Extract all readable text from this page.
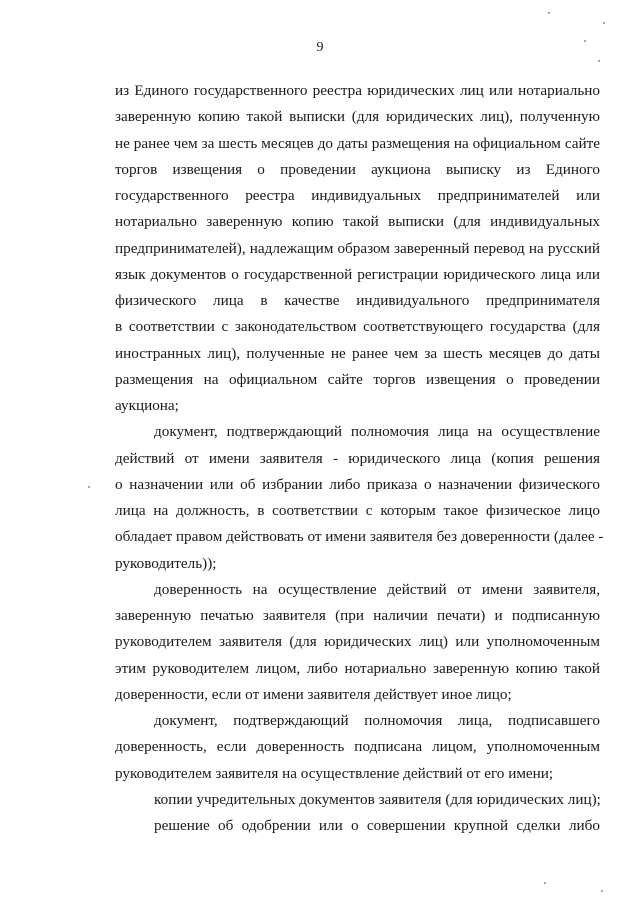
9
из Единого государственного реестра юридических лиц или нотариально
заверенную копию такой выписки (для юридических лиц), полученную
не ранее чем за шесть месяцев до даты размещения на официальном сайте
торгов извещения о проведении аукциона выписку из Единого
государственного реестра индивидуальных предпринимателей или
нотариально заверенную копию такой выписки (для индивидуальных
предпринимателей), надлежащим образом заверенный перевод на русский
язык документов о государственной регистрации юридического лица или
физического лица в качестве индивидуального предпринимателя
в соответствии с законодательством соответствующего государства (для
иностранных лиц), полученные не ранее чем за шесть месяцев до даты
размещения на официальном сайте торгов извещения о проведении
аукциона;
документ, подтверждающий полномочия лица на осуществление
действий от имени заявителя - юридического лица (копия решения
о назначении или об избрании либо приказа о назначении физического
лица на должность, в соответствии с которым такое физическое лицо
обладает правом действовать от имени заявителя без доверенности (далее -
руководитель));
доверенность на осуществление действий от имени заявителя,
заверенную печатью заявителя (при наличии печати) и подписанную
руководителем заявителя (для юридических лиц) или уполномоченным
этим руководителем лицом, либо нотариально заверенную копию такой
доверенности, если от имени заявителя действует иное лицо;
документ, подтверждающий полномочия лица, подписавшего
доверенность, если доверенность подписана лицом, уполномоченным
руководителем заявителя на осуществление действий от его имени;
копии учредительных документов заявителя (для юридических лиц);
решение об одобрении или о совершении крупной сделки либо
